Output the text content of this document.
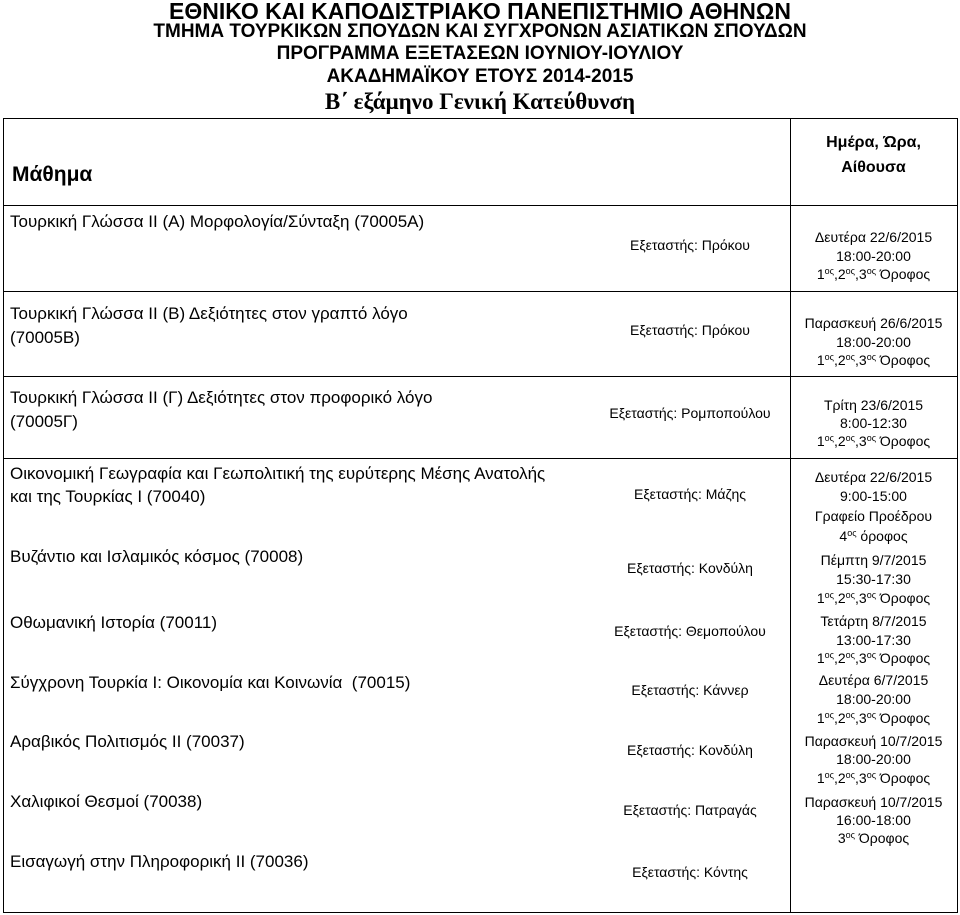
ΕΘΝΙΚΟ ΚΑΙ ΚΑΠΟΔΙΣΤΡΙΑΚΟ ΠΑΝΕΠΙΣΤΗΜΙΟ ΑΘΗΝΩΝ
ΤΜΗΜΑ ΤΟΥΡΚΙΚΩΝ ΣΠΟΥΔΩΝ ΚΑΙ ΣΥΓΧΡΟΝΩΝ ΑΣΙΑΤΙΚΩΝ ΣΠΟΥΔΩΝ
ΠΡΟΓΡΑΜΜΑ ΕΞΕΤΑΣΕΩΝ ΙΟΥΝΙΟΥ-ΙΟΥΛΙΟΥ
ΑΚΑΔΗΜΑΪΚΟΥ ΕΤΟΥΣ 2014-2015
Β΄ εξάμηνο Γενική Κατεύθυνση
Μάθημα
Ημέρα, Ώρα,
Αίθουσα
Τουρκική Γλώσσα ΙΙ (Α) Μορφολογία/Σύνταξη (70005Α)
Εξεταστής: Πρόκου	Δευτέρα 22/6/2015
18:00-20:00
$1^{o\varsigma},2^{o\varsigma},3^{o\varsigma}$ Όροφος
Τουρκική Γλώσσα ΙΙ (Β) Δεξιότητες στον γραπτό λόγο
(70005Β)	Εξεταστής: Πρόκου	Παρασκευή 26/6/2015
18:00-20:00
$1^{o\varsigma},2^{o\varsigma},3^{o\varsigma}$ Όροφος
Τουρκική Γλώσσα ΙΙ (Γ) Δεξιότητες στον προφορικό λόγο
(70005Γ)	Εξεταστής: Ρομποπούλου	Τρίτη 23/6/2015
8:00-12:30
$1^{o\varsigma},2^{o\varsigma},3^{o\varsigma}$ Όροφος
Οικονομική Γεωγραφία και Γεωπολιτική της ευρύτερης Μέσης Ανατολής
και της Τουρκίας Ι (70040)	Εξεταστής: Μάζης
Δευτέρα 22/6/2015
9:00-15:00
Γραφείο Προέδρου
$4^{o\varsigma}$ όροφος
Βυζάντιο και Ισλαμικός κόσμος (70008)
Εξεταστής: Κονδύλη	Πέμπτη 9/7/2015
15:30-17:30
$1^{o\varsigma},2^{o\varsigma},3^{o\varsigma}$ Όροφος
Οθωμανική Ιστορία (70011)	Εξεταστής: Θεμοπούλου
Τετάρτη 8/7/2015
13:00-17:30
$1^{o\varsigma},2^{o\varsigma},3^{o\varsigma}$ Όροφος
Σύγχρονη Τουρκία Ι: Οικονομία και Κοινωνία  (70015)	Εξεταστής: Κάννερ
Δευτέρα 6/7/2015
18:00-20:00
$1^{o\varsigma},2^{o\varsigma},3^{o\varsigma}$ Όροφος
Αραβικός Πολιτισμός ΙΙ (70037)	Εξεταστής: Κονδύλη
Παρασκευή 10/7/2015
18:00-20:00
$1^{o\varsigma},2^{o\varsigma},3^{o\varsigma}$ Όροφος
Χαλιφικοί Θεσμοί (70038)	Εξεταστής: Πατραγάς	Παρασκευή 10/7/2015
16:00-18:00
$3^{o\varsigma}$ Όροφος
Εισαγωγή στην Πληροφορική ΙΙ (70036)
Εξεταστής: Κόντης
